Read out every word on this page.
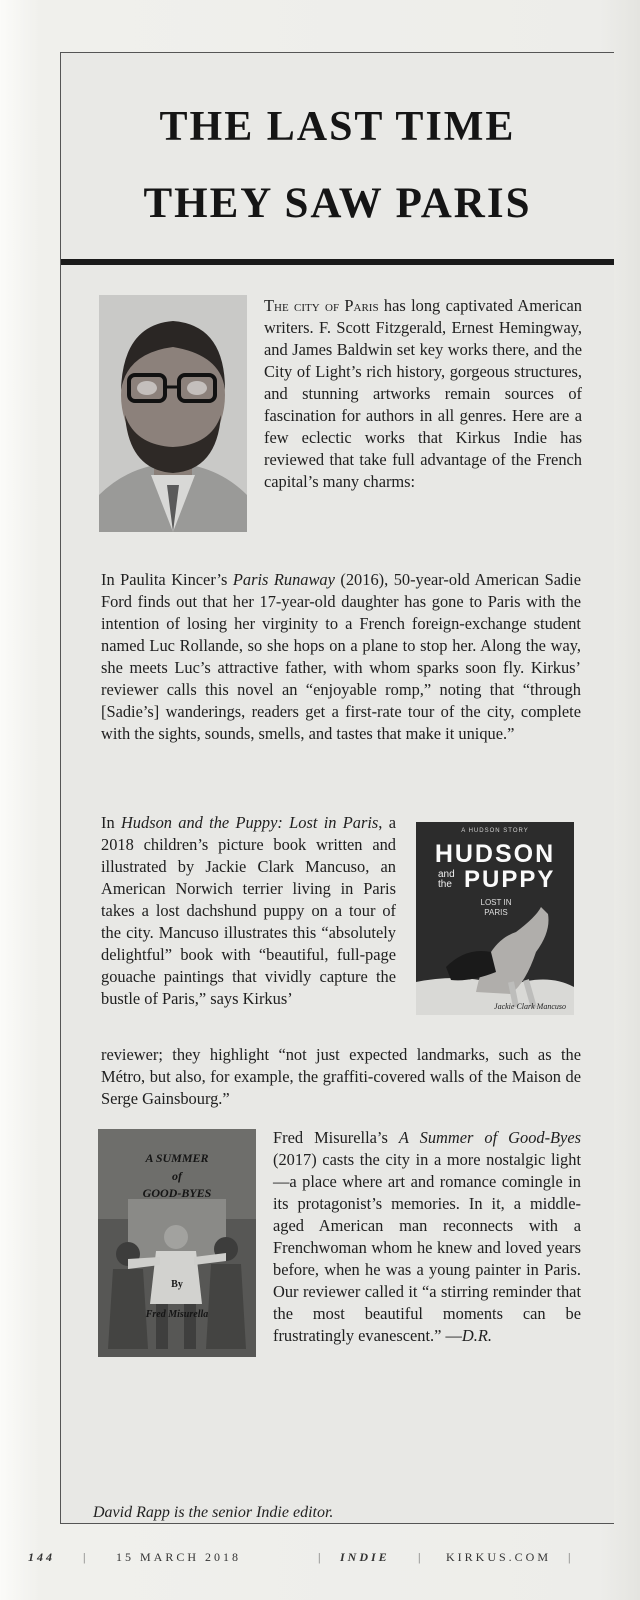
THE LAST TIME
THEY SAW PARIS

The city of Paris has long captivated American writers. F. Scott Fitzgerald, Ernest Hemingway, and James Baldwin set key works there, and the City of Light’s rich history, gorgeous structures, and stunning artworks remain sources of fascination for authors in all genres. Here are a few eclectic works that Kirkus Indie has reviewed that take full advantage of the French capital’s many charms:

In Paulita Kincer’s Paris Runaway (2016), 50-year-old American Sadie Ford finds out that her 17-year-old daughter has gone to Paris with the intention of losing her virginity to a French foreign-exchange student named Luc Rollande, so she hops on a plane to stop her. Along the way, she meets Luc’s attractive father, with whom sparks soon fly. Kirkus’ reviewer calls this novel an “enjoyable romp,” noting that “through [Sadie’s] wanderings, readers get a first-rate tour of the city, complete with the sights, sounds, smells, and tastes that make it unique.”

In Hudson and the Puppy: Lost in Paris, a 2018 children’s picture book written and illustrated by Jackie Clark Mancuso, an American Norwich terrier living in Paris takes a lost dachshund puppy on a tour of the city. Mancuso illustrates this “absolutely delightful” book with “beautiful, full-page gouache paintings that vividly capture the bustle of Paris,” says Kirkus’

A HUDSON STORY
HUDSON
and
the PUPPY
LOST IN
PARIS
Jackie Clark Mancuso

reviewer; they highlight “not just expected landmarks, such as the Métro, but also, for example, the graffiti-covered walls of the Maison de Serge Gainsbourg.”

A SUMMER
of
GOOD-BYES
By
Fred Misurella

Fred Misurella’s A Summer of Good-Byes (2017) casts the city in a more nostalgic light—a place where art and romance comingle in its protagonist’s memories. In it, a middle-aged American man reconnects with a Frenchwoman whom he knew and loved years before, when he was a young painter in Paris. Our reviewer called it “a stirring reminder that the most beautiful moments can be frustratingly evanescent.” —D.R.

David Rapp is the senior Indie editor.

144 | 15 MARCH 2018	| INDIE | KIRKUS.COM |
